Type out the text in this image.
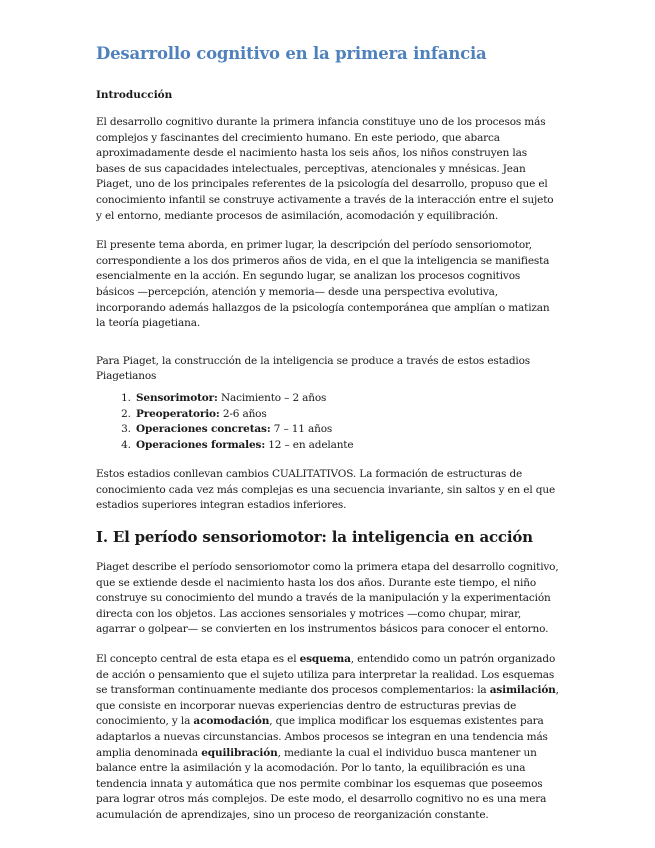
Desarrollo cognitivo en la primera infancia
Introducción

El desarrollo cognitivo durante la primera infancia constituye uno de los procesos más complejos y fascinantes del crecimiento humano. En este periodo, que abarca aproximadamente desde el nacimiento hasta los seis años, los niños construyen las bases de sus capacidades intelectuales, perceptivas, atencionales y mnésicas. Jean Piaget, uno de los principales referentes de la psicología del desarrollo, propuso que el conocimiento infantil se construye activamente a través de la interacción entre el sujeto y el entorno, mediante procesos de asimilación, acomodación y equilibración.

El presente tema aborda, en primer lugar, la descripción del período sensoriomotor, correspondiente a los dos primeros años de vida, en el que la inteligencia se manifiesta esencialmente en la acción. En segundo lugar, se analizan los procesos cognitivos básicos —percepción, atención y memoria— desde una perspectiva evolutiva, incorporando además hallazgos de la psicología contemporánea que amplían o matizan la teoría piagetiana.

Para Piaget, la construcción de la inteligencia se produce a través de estos estadios Piagetianos

1. Sensorimotor: Nacimiento – 2 años
2. Preoperatorio: 2-6 años
3. Operaciones concretas: 7 – 11 años
4. Operaciones formales: 12 – en adelante

Estos estadios conllevan cambios CUALITATIVOS. La formación de estructuras de conocimiento cada vez más complejas es una secuencia invariante, sin saltos y en el que estadios superiores integran estadios inferiores.

I. El período sensoriomotor: la inteligencia en acción

Piaget describe el período sensoriomotor como la primera etapa del desarrollo cognitivo, que se extiende desde el nacimiento hasta los dos años. Durante este tiempo, el niño construye su conocimiento del mundo a través de la manipulación y la experimentación directa con los objetos. Las acciones sensoriales y motrices —como chupar, mirar, agarrar o golpear— se convierten en los instrumentos básicos para conocer el entorno.

El concepto central de esta etapa es el esquema, entendido como un patrón organizado de acción o pensamiento que el sujeto utiliza para interpretar la realidad. Los esquemas se transforman continuamente mediante dos procesos complementarios: la asimilación, que consiste en incorporar nuevas experiencias dentro de estructuras previas de conocimiento, y la acomodación, que implica modificar los esquemas existentes para adaptarlos a nuevas circunstancias. Ambos procesos se integran en una tendencia más amplia denominada equilibración, mediante la cual el individuo busca mantener un balance entre la asimilación y la acomodación. Por lo tanto, la equilibración es una tendencia innata y automática que nos permite combinar los esquemas que poseemos para lograr otros más complejos. De este modo, el desarrollo cognitivo no es una mera acumulación de aprendizajes, sino un proceso de reorganización constante.
